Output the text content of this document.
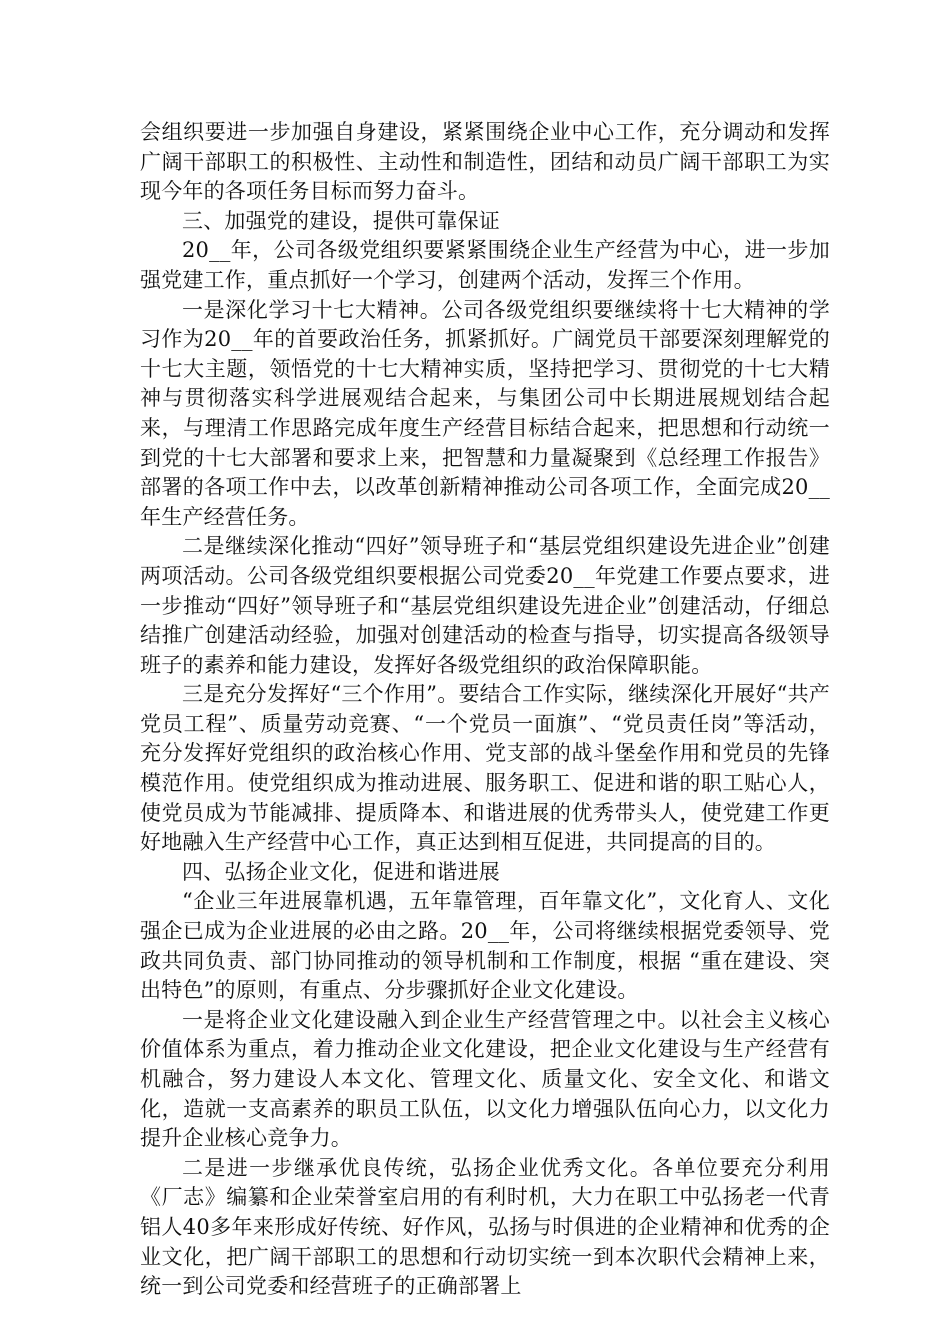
会组织要进一步加强自身建设，紧紧围绕企业中心工作，充分调动和发挥广阔干部职工的积极性、主动性和制造性，团结和动员广阔干部职工为实现今年的各项任务目标而努力奋斗。

三、加强党的建设，提供可靠保证

20__年，公司各级党组织要紧紧围绕企业生产经营为中心，进一步加强党建工作，重点抓好一个学习，创建两个活动，发挥三个作用。

一是深化学习十七大精神。公司各级党组织要继续将十七大精神的学习作为20__年的首要政治任务，抓紧抓好。广阔党员干部要深刻理解党的十七大主题，领悟党的十七大精神实质，坚持把学习、贯彻党的十七大精神与贯彻落实科学进展观结合起来，与集团公司中长期进展规划结合起来，与理清工作思路完成年度生产经营目标结合起来，把思想和行动统一到党的十七大部署和要求上来，把智慧和力量凝聚到《总经理工作报告》部署的各项工作中去，以改革创新精神推动公司各项工作，全面完成20__年生产经营任务。

二是继续深化推动“四好”领导班子和“基层党组织建设先进企业”创建两项活动。公司各级党组织要根据公司党委20__年党建工作要点要求，进一步推动“四好”领导班子和“基层党组织建设先进企业”创建活动，仔细总结推广创建活动经验，加强对创建活动的检查与指导，切实提高各级领导班子的素养和能力建设，发挥好各级党组织的政治保障职能。

三是充分发挥好“三个作用”。要结合工作实际，继续深化开展好“共产党员工程”、质量劳动竞赛、“一个党员一面旗”、“党员责任岗”等活动，充分发挥好党组织的政治核心作用、党支部的战斗堡垒作用和党员的先锋模范作用。使党组织成为推动进展、服务职工、促进和谐的职工贴心人，使党员成为节能减排、提质降本、和谐进展的优秀带头人，使党建工作更好地融入生产经营中心工作，真正达到相互促进，共同提高的目的。

四、弘扬企业文化，促进和谐进展

“企业三年进展靠机遇，五年靠管理，百年靠文化”，文化育人、文化强企已成为企业进展的必由之路。20__年，公司将继续根据党委领导、党政共同负责、部门协同推动的领导机制和工作制度，根据 “重在建设、突出特色”的原则，有重点、分步骤抓好企业文化建设。

一是将企业文化建设融入到企业生产经营管理之中。以社会主义核心价值体系为重点，着力推动企业文化建设，把企业文化建设与生产经营有机融合，努力建设人本文化、管理文化、质量文化、安全文化、和谐文化，造就一支高素养的职员工队伍，以文化力增强队伍向心力，以文化力提升企业核心竞争力。

二是进一步继承优良传统，弘扬企业优秀文化。各单位要充分利用《厂志》编纂和企业荣誉室启用的有利时机，大力在职工中弘扬老一代青铝人40多年来形成好传统、好作风，弘扬与时俱进的企业精神和优秀的企业文化，把广阔干部职工的思想和行动切实统一到本次职代会精神上来，统一到公司党委和经营班子的正确部署上
